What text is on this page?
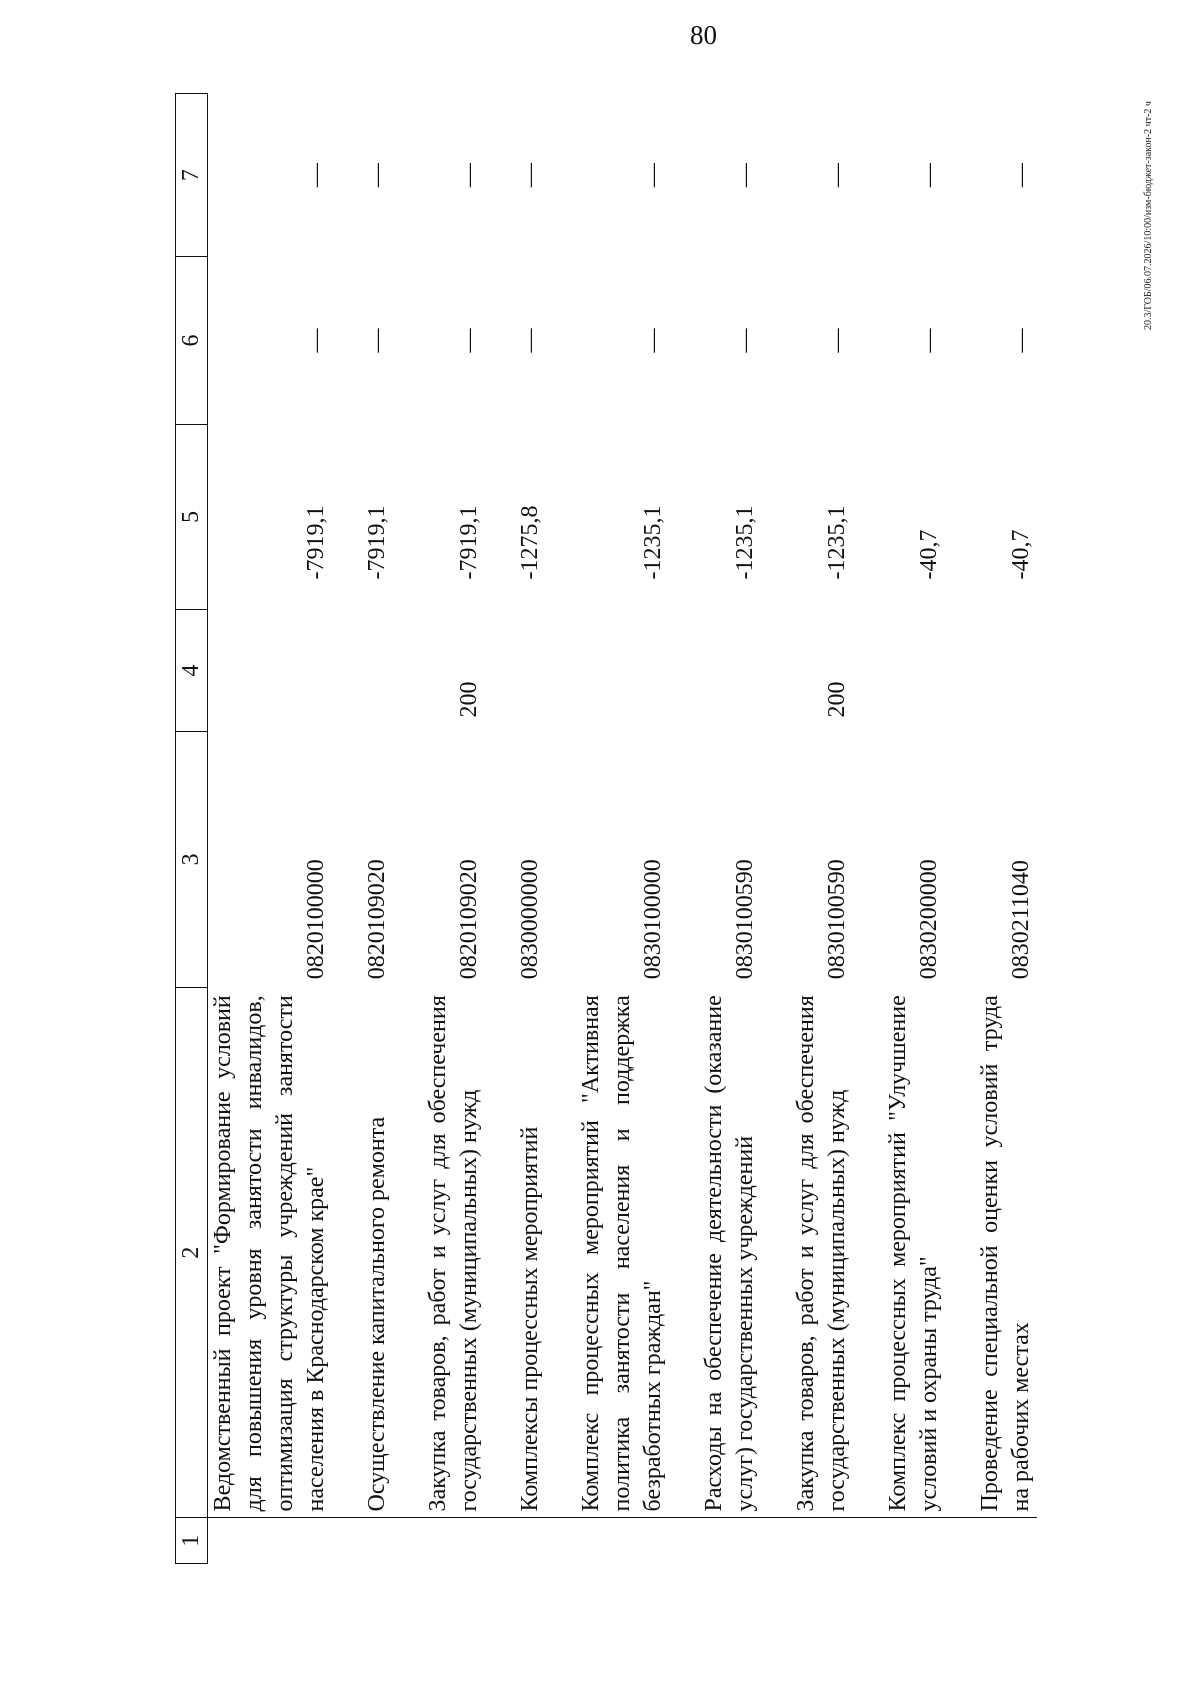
80
20.3/ГОБ/06.07.2026/10:00/изм-бюджет-закон-2 чт-2 ч
1	2	3	4	5	6	7
	Ведомственный проект "Формирование условий для повышения уровня занятости инвалидов, оптимизация структуры учреждений занятости населения в Краснодарском крае"	0820100000		-7919,1	—	—
	Осуществление капитального ремонта	0820109020		-7919,1	—	—
	Закупка товаров, работ и услуг для обеспечения государственных (муниципальных) нужд	0820109020	200	-7919,1	—	—
	Комплексы процессных мероприятий	0830000000		-1275,8	—	—
	Комплекс процессных мероприятий "Активная политика занятости населения и поддержка безработных граждан"	0830100000		-1235,1	—	—
	Расходы на обеспечение деятельности (оказание услуг) государственных учреждений	0830100590		-1235,1	—	—
	Закупка товаров, работ и услуг для обеспечения государственных (муниципальных) нужд	0830100590	200	-1235,1	—	—
	Комплекс процессных мероприятий "Улучшение условий и охраны труда"	0830200000		-40,7	—	—
	Проведение специальной оценки условий труда на рабочих местах	0830211040		-40,7	—	—
